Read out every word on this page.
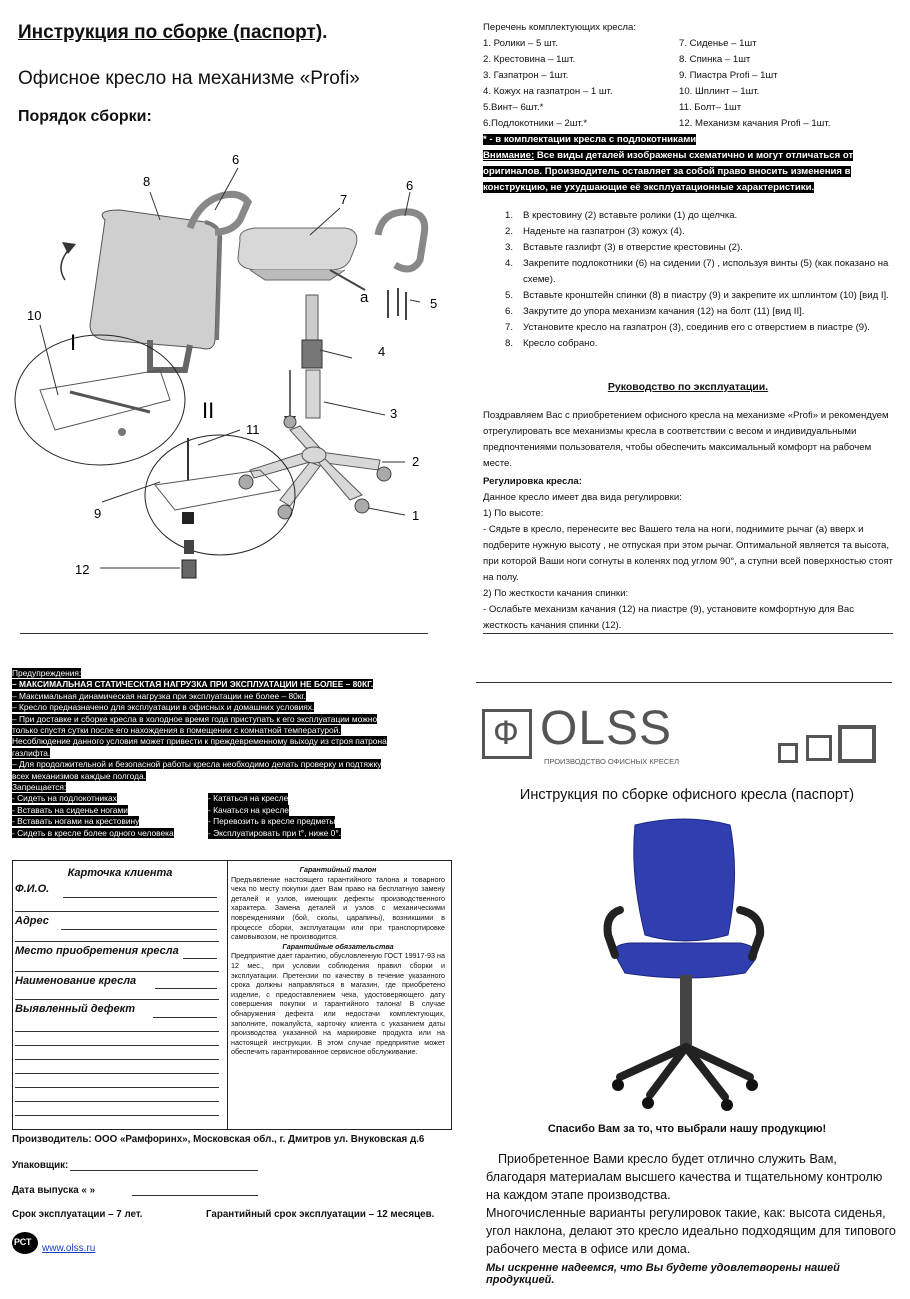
Инструкция по сборке (паспорт).
Офисное кресло на механизме «Profi»
Порядок сборки:
8
6
7
6
a	5
4
10
I
3
11
II
2
9	1
12
Перечень комплектующих кресла:
1. Ролики – 5 шт.	7. Сиденье – 1шт
2. Крестовина – 1шт.	8. Спинка – 1шт
3. Газпатрон – 1шт.	9. Пиастра Profi – 1шт
4. Кожух на газпатрон – 1 шт.	10. Шплинт – 1шт.
5.Винт– 6шт.*	11. Болт– 1шт
6.Подлокотники – 2шт.*	12. Механизм качания Profi – 1шт.
* - в комплектации кресла с подлокотниками
Внимание: Все виды деталей изображены схематично и могут отличаться от
оригиналов. Производитель оставляет за собой право вносить изменения в
конструкцию, не ухудшающие её эксплуатационные характеристики.
1.	В крестовину (2) вставьте ролики (1) до щелчка.
2.	Наденьте на газпатрон (3) кожух (4).
3.	Вставьте газлифт (3) в отверстие крестовины (2).
4.	Закрепите подлокотники (6) на сидении (7) , используя винты (5) (как показано на схеме).
5.	Вставьте кронштейн спинки (8) в пиастру (9) и закрепите их шплинтом (10) [вид I].
6.	Закрутите до упора механизм качания (12) на болт (11) [вид II].
7.	Установите кресло на газпатрон (3), соединив его с отверстием в пиастре (9).
8.	Кресло собрано.
Руководство по эксплуатации.

Поздравляем Вас с приобретением офисного кресла на механизме «Profi» и рекомендуем отрегулировать все механизмы кресла в соответствии с весом и индивидуальными предпочтениями пользователя, чтобы обеспечить максимальный комфорт на рабочем месте.

Регулировка кресла:

Данное кресло имеет два вида регулировки:

1) По высоте:

- Сядьте в кресло, перенесите вес Вашего тела на ноги, поднимите рычаг (а) вверх и подберите нужную высоту , не отпуская при этом рычаг. Оптимальной является та высота, при которой Ваши ноги согнуты в коленях под углом 90°, а ступни всей поверхностью стоят на полу.

2) По жесткости качания спинки:

- Ослабьте механизм качания (12) на пиастре (9), установите комфортную для Вас жесткость качания спинки (12).

Предупреждения:
– МАКСИМАЛЬНАЯ СТАТИЧЕСКТАЯ НАГРУЗКА ПРИ ЭКСПЛУАТАЦИИ НЕ БОЛЕЕ – 80КГ.
– Максимальная динамическая нагрузка при эксплуатации не более – 80кг.
– Кресло предназначено для эксплуатации в офисных и домашних условиях.
– При доставке и сборке кресла в холодное время года приступать к его эксплуатации можно
только спустя сутки после его нахождения в помещении с комнатной температурой.
Несоблюдение данного условия может привести к преждевременному выходу из строя патрона
газлифта.
– Для продолжительной и безопасной работы кресла необходимо делать проверку и подтяжку
всех механизмов каждые полгода.
Запрещается:
- Сидеть на подлокотниках	- Кататься на кресле
- Вставать на сиденье ногами	- Качаться на кресле
- Вставать ногами на крестовину	- Перевозить в кресле предметы
- Сидеть в кресле более одного человека	- Эксплуатировать при t°, ниже 0°.
Карточка клиента
Ф.И.О.
Адрес
Место приобретения кресла
Наименование кресла
Выявленный дефект
Гарантийный талон
Предъявление настоящего гарантийного талона и товарного чека по месту покупки дает Вам право на бесплатную замену деталей и узлов, имеющих дефекты производственного характера. Замена деталей и узлов с механическими повреждениями (бой, сколы, царапины), возникшими в процессе сборки, эксплуатации или при транспортировке самовывозом, не производится.
Гарантийные обязательства
Предприятие дает гарантию, обусловленную ГОСТ 19917-93 на 12 мес., при условии соблюдения правил сборки и эксплуатации. Претензии по качеству в течение указанного срока должны направляться в магазин, где приобретено изделие, с предоставлением чека, удостоверяющего дату совершения покупки и гарантийного талона! В случае обнаружения дефекта или недостачи комплектующих, заполните, пожалуйста, карточку клиента с указанием даты производства указанной на маркировке продукта или на настоящей инструкции. В этом случае предприятие может обеспечить гарантированное сервисное обслуживание.
Производитель: ООО «Рамфоринх», Московская обл., г. Дмитров ул. Внуковская д.6
Упаковщик:
Дата выпуска « »
Срок эксплуатации – 7 лет.	Гарантийный срок эксплуатации – 12 месяцев.
РСТ
www.olss.ru
Ф OLSS
ПРОИЗВОДСТВО ОФИСНЫХ КРЕСЕЛ
Инструкция по сборке офисного кресла (паспорт)
Спасибо Вам за то, что выбрали нашу продукцию!

Приобретенное Вами кресло будет отлично служить Вам, благодаря материалам высшего качества и тщательному контролю на каждом этапе производства.

Многочисленные варианты регулировок такие, как: высота сиденья, угол наклона, делают это кресло идеально подходящим для типового рабочего места в офисе или дома.

Мы искренне надеемся, что Вы будете удовлетворены нашей продукцией.
